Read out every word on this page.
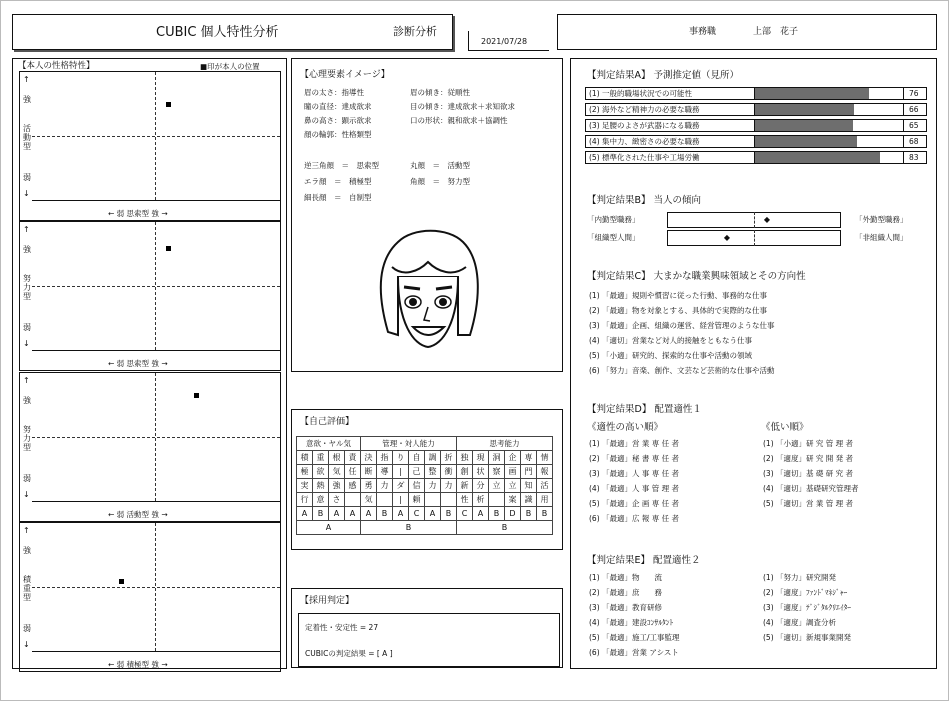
CUBIC 個人特性分析	診断分析
2021/07/28
事務職	上部　花子
【本人の性格特性】	■印が本人の位置
↑
強
活動型
弱
↓
← 弱 思索型 強 →
↑
強
努力型
弱
↓
← 弱 思索型 強 →
↑
強
努力型
弱
↓
← 弱 活動型 強 →
↑
強
積重型
弱
↓
← 弱 積極型 強 →
【心理要素イメージ】
眉の太さ：指導性	眉の傾き：従順性
瞳の直径：達成欲求	目の傾き：達成欲求＋求知欲求
鼻の高さ：顕示欲求	口の形状：親和欲求＋協調性
顔の輪郭：性格類型
逆三角顔　＝　思索型	丸顔　＝　活動型
エラ顔　＝　積極型	角顔　＝　努力型
細長顔　＝　自制型
【自己評価】
意欲・ヤル気				管理・対人能力						思考能力					
積	重	根	責	決	指	り	自	調	折	独	現	洞	企	専	情
極	欲	気	任	断	導	|	己	整	衝	創	状	察	画	門	報
実	熱	強	感	勇	力	ダ	信	力	力	新	分	立	立	知	活
行	意	さ		気		|	頼			性	析		案	識	用
A	B	A	A	A	B	A	C	A	B	C	A	B	D	B	B
A				B						B					
【採用判定】
定着性・安定性 = 27
CUBICの判定結果 = [ A ]
【判定結果A】 予測推定値（見所）
(1) 一般的職場状況での可能性	76
(2) 海外など精神力の必要な職務	66
(3) 足腰のよさが武器になる職務	65
(4) 集中力、緻密さの必要な職務	68
(5) 標準化された仕事や工場労働	83
【判定結果B】 当人の傾向
「内勤型職務」	◆	「外勤型職務」
「組織型人間」	◆	「非組織人間」
【判定結果C】 大まかな職業興味領域とその方向性
(1) 「最適」規則や慣習に従った行動、事務的な仕事
(2) 「最適」物を対象とする、具体的で実際的な仕事
(3) 「最適」企画、組織の運営、経営管理のような仕事
(4) 「適切」営業など対人的接触をともなう仕事
(5) 「小適」研究的、探索的な仕事や活動の領域
(6) 「努力」音楽、創作、文芸など芸術的な仕事や活動
【判定結果D】 配置適性１
《適性の高い順》	《低い順》
(1) 「最適」営 業 専 任 者
(2) 「最適」秘 書 専 任 者
(3) 「最適」人 事 専 任 者
(4) 「最適」人 事 管 理 者
(5) 「最適」企 画 専 任 者
(6) 「最適」広 報 専 任 者
(1) 「小適」研 究 管 理 者
(2) 「適度」研 究 開 発 者
(3) 「適切」基 礎 研 究 者
(4) 「適切」基礎研究管理者
(5) 「適切」営 業 管 理 者
【判定結果E】 配置適性２
(1) 「最適」物　　流
(2) 「最適」庶　　務
(3) 「最適」教育研修
(4) 「最適」建設ｺﾝｻﾙﾀﾝﾄ
(5) 「最適」施工/工事監理
(6) 「最適」営業 アシスト
(1) 「努力」研究開発
(2) 「適度」ﾌｧﾝﾄﾞﾏﾈｼﾞｬｰ
(3) 「適度」ﾃﾞｼﾞﾀﾙｸﾘｴｲﾀｰ
(4) 「適度」調査分析
(5) 「適切」新規事業開発
